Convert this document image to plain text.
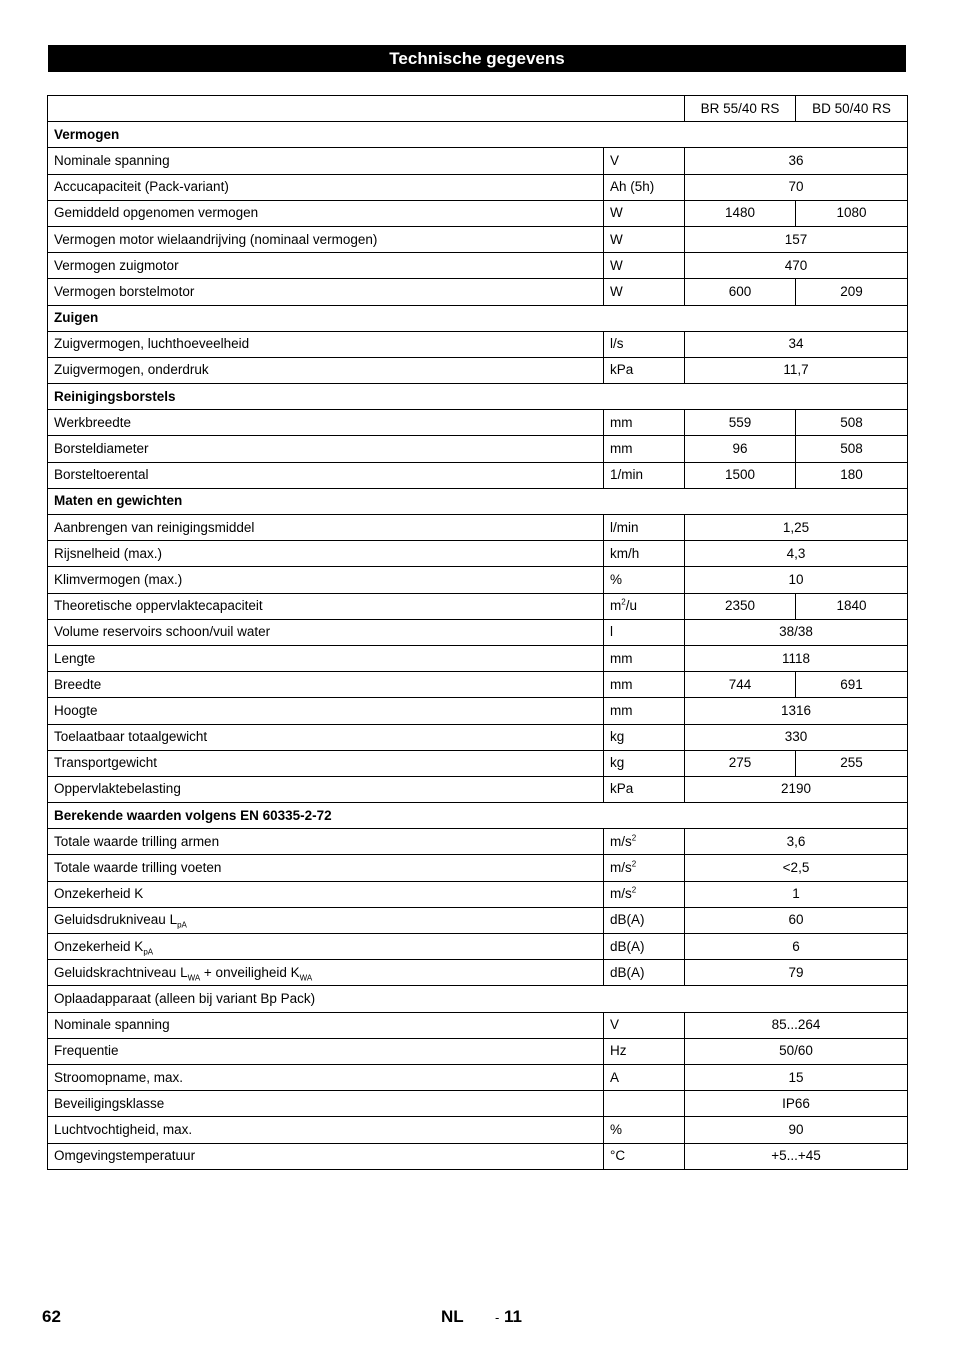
Technische gegevens
		BR 55/40 RS	BD 50/40 RS
Vermogen			
Nominale spanning	V	36	
Accucapaciteit (Pack-variant)	Ah (5h)	70	
Gemiddeld opgenomen vermogen	W	1480	1080
Vermogen motor wielaandrijving (nominaal vermogen)	W	157	
Vermogen zuigmotor	W	470	
Vermogen borstelmotor	W	600	209
Zuigen			
Zuigvermogen, luchthoeveelheid	l/s	34	
Zuigvermogen, onderdruk	kPa	11,7	
Reinigingsborstels			
Werkbreedte	mm	559	508
Borsteldiameter	mm	96	508
Borsteltoerental	1/min	1500	180
Maten en gewichten			
Aanbrengen van reinigingsmiddel	l/min	1,25	
Rijsnelheid (max.)	km/h	4,3	
Klimvermogen (max.)	%	10	
Theoretische oppervlaktecapaciteit	$m^2/u$	2350	1840
Volume reservoirs schoon/vuil water	l	38/38	
Lengte	mm	1118	
Breedte	mm	744	691
Hoogte	mm	1316	
Toelaatbaar totaalgewicht	kg	330	
Transportgewicht	kg	275	255
Oppervlaktebelasting	kPa	2190	
Berekende waarden volgens EN 60335-2-72			
Totale waarde trilling armen	$m/s^2$	3,6	
Totale waarde trilling voeten	$m/s^2$	<2,5	
Onzekerheid K	$m/s^2$	1	
Geluidsdrukniveau $L_{pA}$	dB(A)	60	
Onzekerheid $K_{pA}$	dB(A)	6	
Geluidskrachtniveau $L_{WA}$ + onveiligheid $K_{WA}$	dB(A)	79	
Oplaadapparaat (alleen bij variant Bp Pack)			
Nominale spanning	V	85...264	
Frequentie	Hz	50/60	
Stroomopname, max.	A	15	
Beveiligingsklasse		IP66	
Luchtvochtigheid, max.	%	90	
Omgevingstemperatuur	°C	+5...+45	
62	NL - 11
